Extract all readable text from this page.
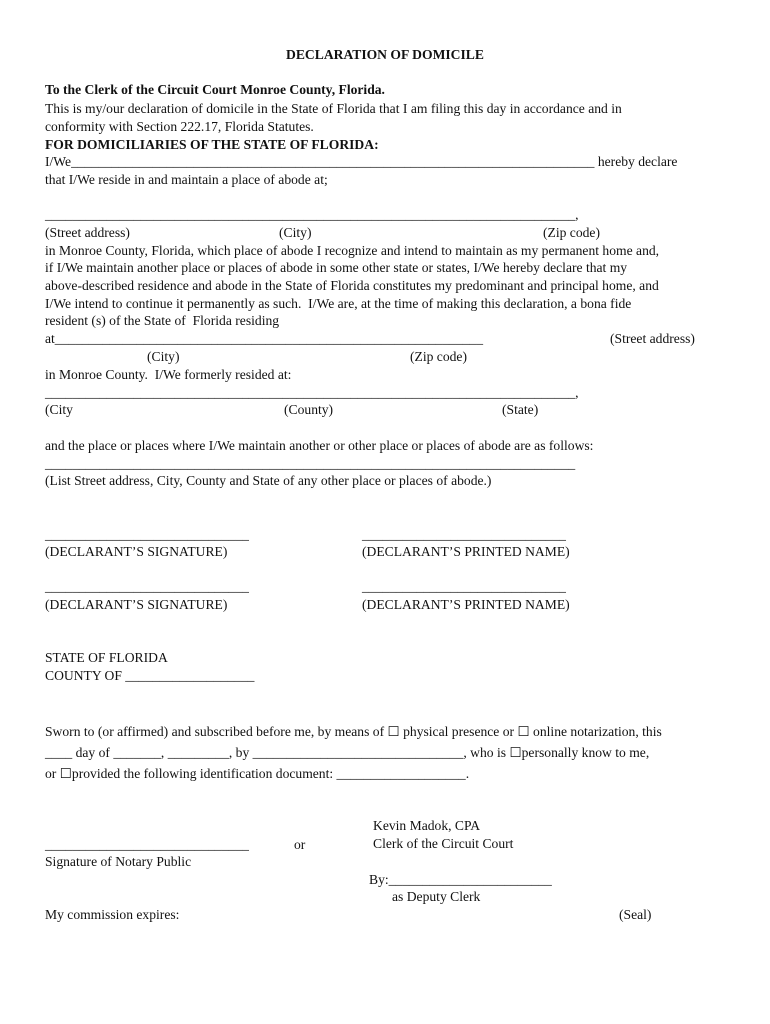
DECLARATION OF DOMICILE
To the Clerk of the Circuit Court Monroe County, Florida.
This is my/our declaration of domicile in the State of Florida that I am filing this day in accordance and in
conformity with Section 222.17, Florida Statutes.
FOR DOMICILIARIES OF THE STATE OF FLORIDA:
I/We_____________________________________________________________________________ hereby declare
that I/We reside in and maintain a place of abode at;
______________________________________________________________________________,
(Street address)	(City)	(Zip code)
in Monroe County, Florida, which place of abode I recognize and intend to maintain as my permanent home and,
if I/We maintain another place or places of abode in some other state or states, I/We hereby declare that my
above-described residence and abode in the State of Florida constitutes my predominant and principal home, and
I/We intend to continue it permanently as such.  I/We are, at the time of making this declaration, a bona fide
resident (s) of the State of  Florida residing
at_______________________________________________________________	(Street address)
(City)	(Zip code)
in Monroe County.  I/We formerly resided at:
______________________________________________________________________________,
(City	(County)	(State)
and the place or places where I/We maintain another or other place or places of abode are as follows:
______________________________________________________________________________
(List Street address, City, County and State of any other place or places of abode.)
______________________________	______________________________
(DECLARANT’S SIGNATURE)	(DECLARANT’S PRINTED NAME)
______________________________	______________________________
(DECLARANT’S SIGNATURE)	(DECLARANT’S PRINTED NAME)
STATE OF FLORIDA
COUNTY OF ___________________
Sworn to (or affirmed) and subscribed before me, by means of ☐ physical presence or ☐ online notarization, this
____ day of _______, _________, by _______________________________, who is ☐personally know to me,
or ☐provided the following identification document: ___________________.
Kevin Madok, CPA
______________________________	or	Clerk of the Circuit Court
Signature of Notary Public
By:________________________
as Deputy Clerk
My commission expires:	(Seal)
